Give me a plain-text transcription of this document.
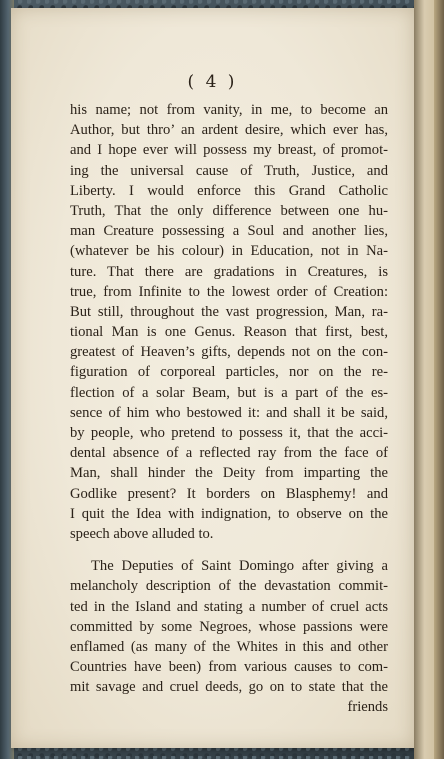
( 4 )
his name; not from vanity, in me, to become an
Author, but thro’ an ardent desire, which ever has,
and I hope ever will possess my breast, of promot-
ing the universal cause of Truth, Justice, and
Liberty. I would enforce this Grand Catholic
Truth, That the only difference between one hu-
man Creature possessing a Soul and another lies,
(whatever be his colour) in Education, not in Na-
ture. That there are gradations in Creatures, is
true, from Infinite to the lowest order of Creation:
But still, throughout the vast progression, Man, ra-
tional Man is one Genus. Reason that first, best,
greatest of Heaven’s gifts, depends not on the con-
figuration of corporeal particles, nor on the re-
flection of a solar Beam, but is a part of the es-
sence of him who bestowed it: and shall it be said,
by people, who pretend to possess it, that the acci-
dental absence of a reflected ray from the face of
Man, shall hinder the Deity from imparting the
Godlike present? It borders on Blasphemy! and
I quit the Idea with indignation, to observe on the
speech above alluded to.
The Deputies of Saint Domingo after giving a
melancholy description of the devastation commit-
ted in the Island and stating a number of cruel acts
committed by some Negroes, whose passions were
enflamed (as many of the Whites in this and other
Countries have been) from various causes to com-
mit savage and cruel deeds, go on to state that the
friends
